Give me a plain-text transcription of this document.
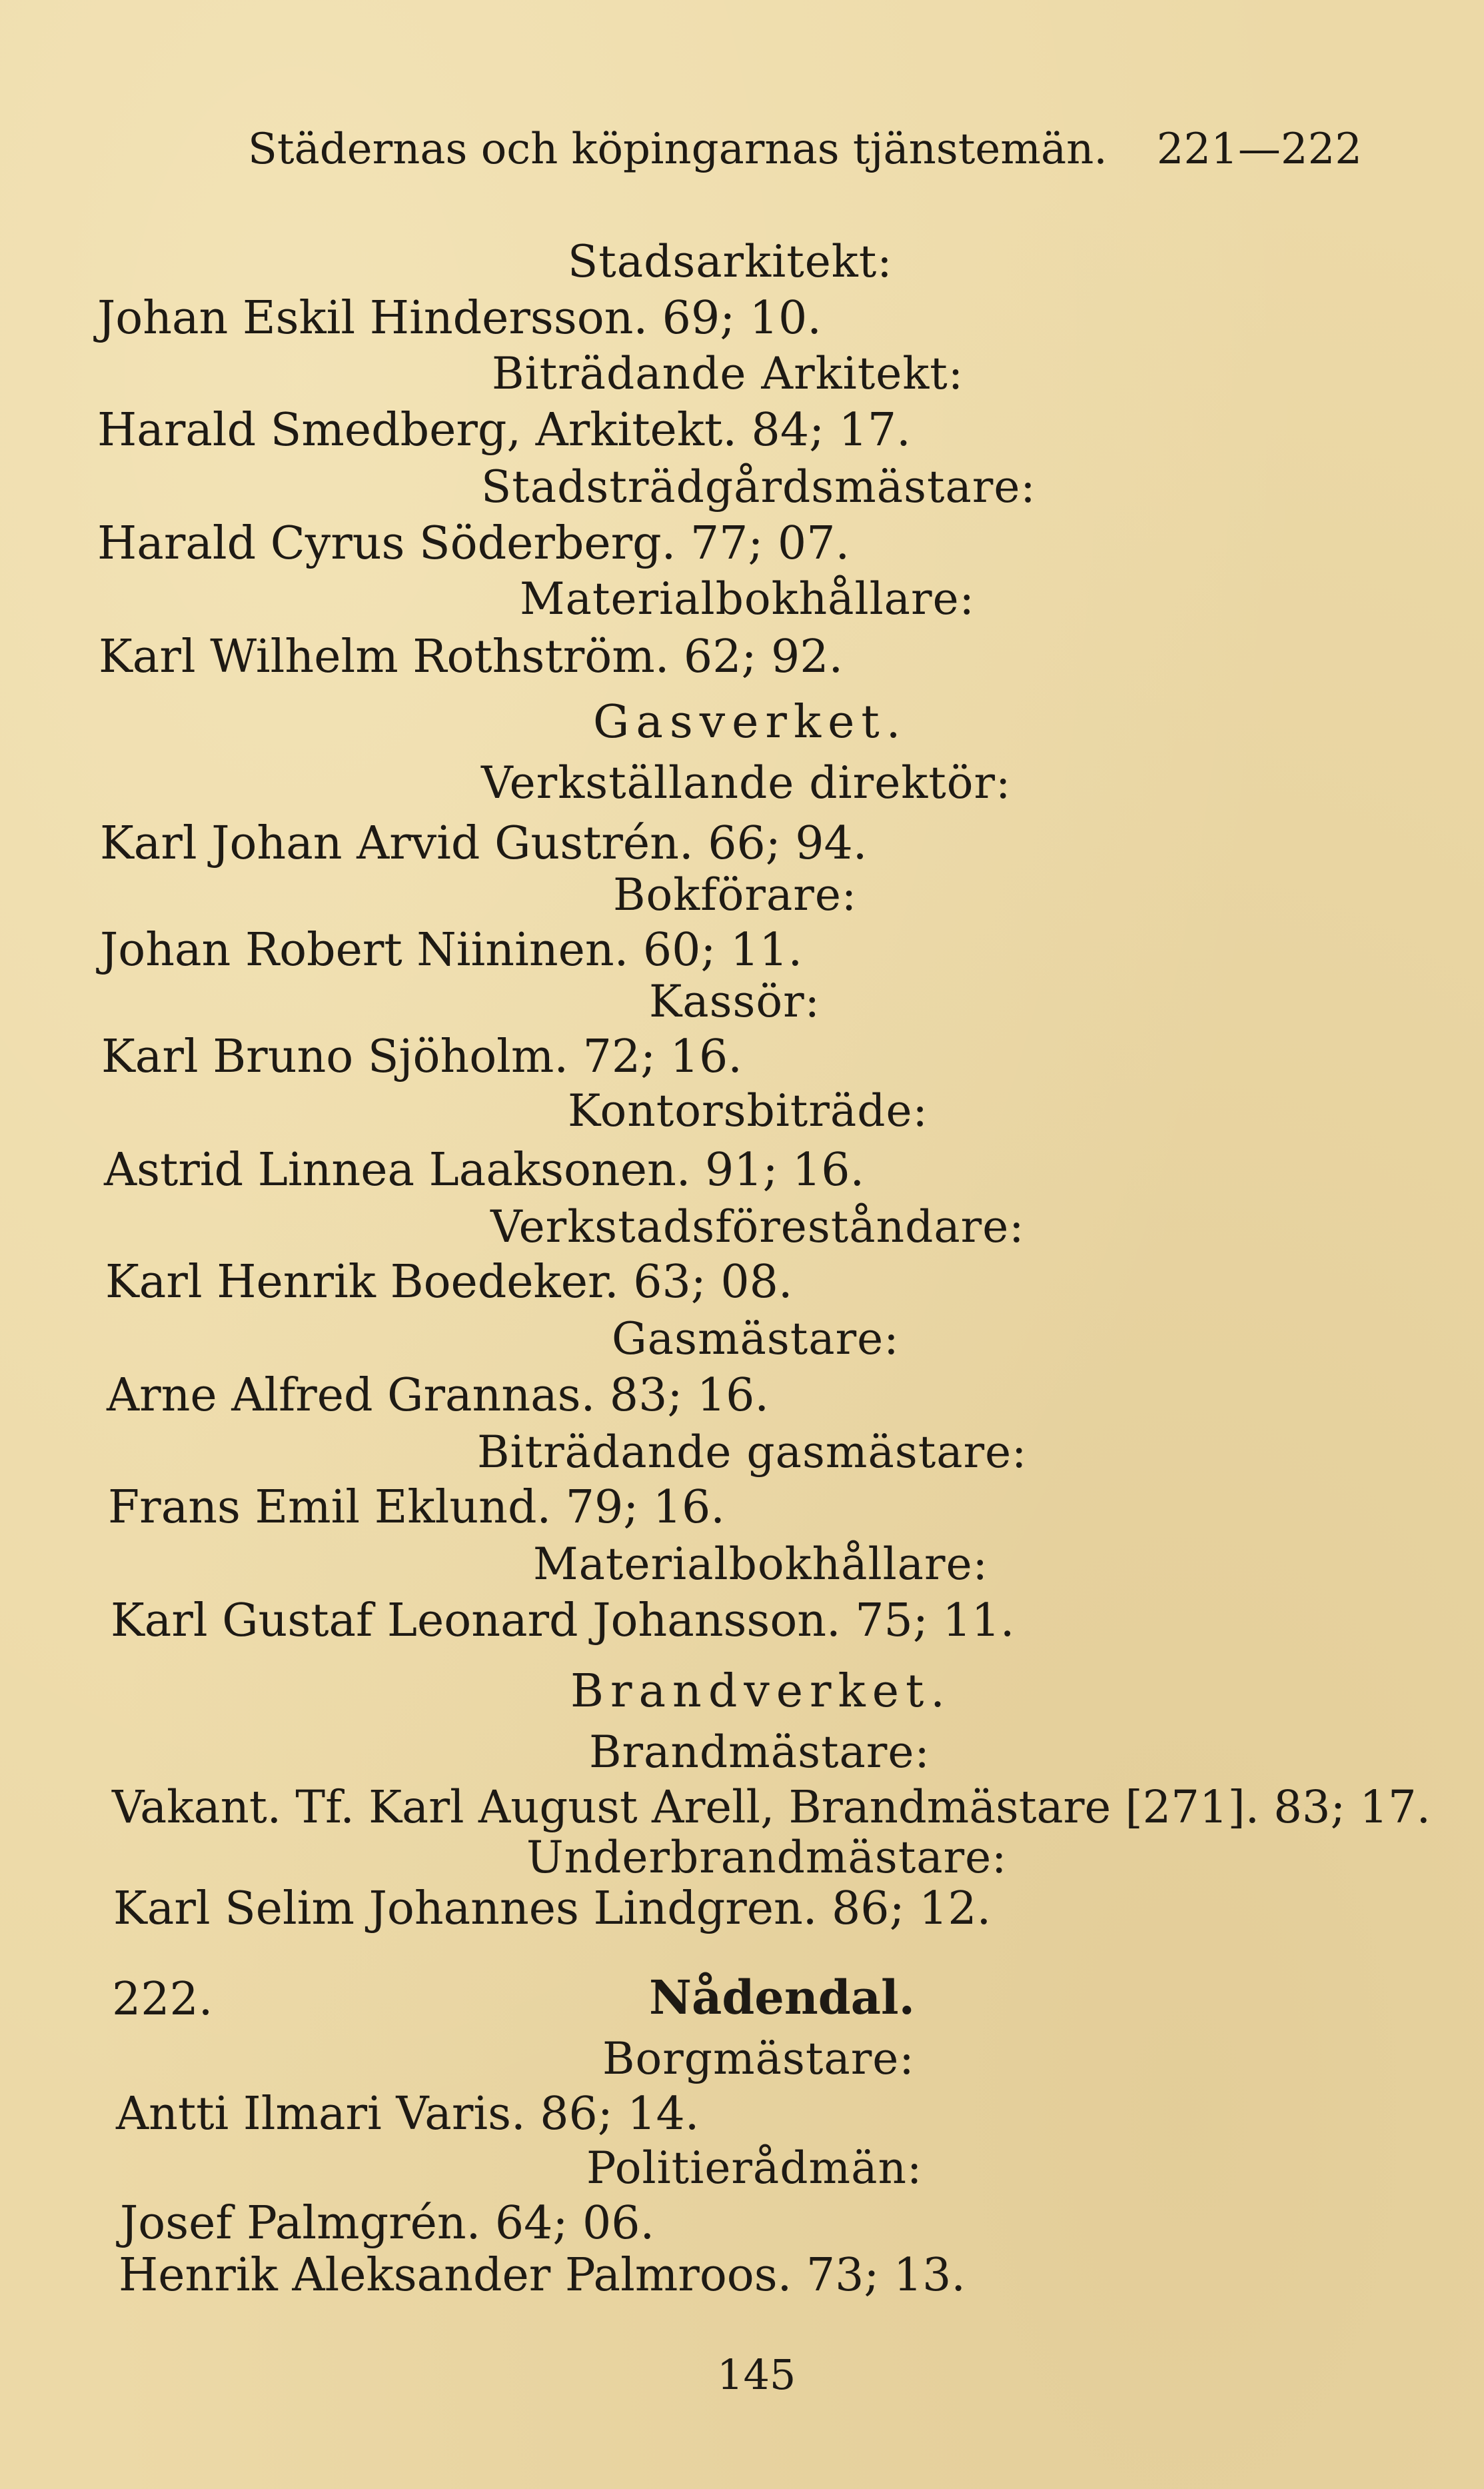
Städernas och köpingarnas tjänstemän. 221—222
Stadsarkitekt:
Johan Eskil Hindersson. 69; 10.
Biträdande Arkitekt:
Harald Smedberg, Arkitekt. 84; 17.
Stadsträdgårdsmästare:
Harald Cyrus Söderberg. 77; 07.
Materialbokhållare:
Karl Wilhelm Rothström. 62; 92.
Gasverket.
Verkställande direktör:
Karl Johan Arvid Gustrén. 66; 94.
Bokförare:
Johan Robert Niininen. 60; 11.
Kassör:
Karl Bruno Sjöholm. 72; 16.
Kontorsbiträde:
Astrid Linnea Laaksonen. 91; 16.
Verkstadsföreståndare:
Karl Henrik Boedeker. 63; 08.
Gasmästare:
Arne Alfred Grannas. 83; 16.
Biträdande gasmästare:
Frans Emil Eklund. 79; 16.
Materialbokhållare:
Karl Gustaf Leonard Johansson. 75; 11.
Brandverket.
Brandmästare:
Vakant. Tf. Karl August Arell, Brandmästare [271]. 83; 17.
Underbrandmästare:
Karl Selim Johannes Lindgren. 86; 12.
222.	Nådendal.
Borgmästare:
Antti Ilmari Varis. 86; 14.
Politierådmän:
Josef Palmgrén. 64; 06.
Henrik Aleksander Palmroos. 73; 13.
145
